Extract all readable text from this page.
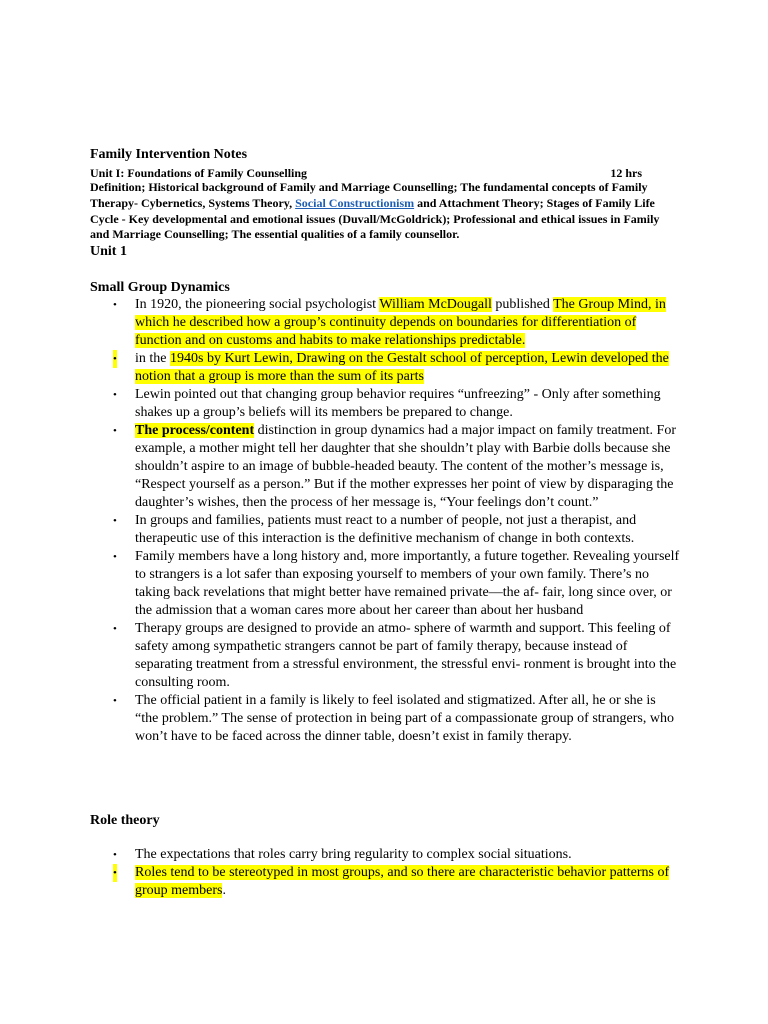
Family Intervention Notes
Unit I: Foundations of Family Counselling	12 hrs
Definition; Historical background of Family and Marriage Counselling; The fundamental concepts of Family Therapy- Cybernetics, Systems Theory, Social Constructionism and Attachment Theory; Stages of Family Life Cycle - Key developmental and emotional issues (Duvall/McGoldrick); Professional and ethical issues in Family and Marriage Counselling; The essential qualities of a family counsellor.
Unit 1
Small Group Dynamics
• In 1920, the pioneering social psychologist William McDougall published The Group Mind, in which he described how a group’s continuity depends on boundaries for differentiation of function and on customs and habits to make relationships predictable.
• in the 1940s by Kurt Lewin, Drawing on the Gestalt school of perception, Lewin developed the notion that a group is more than the sum of its parts
• Lewin pointed out that changing group behavior requires “unfreezing” - Only after something shakes up a group’s beliefs will its members be prepared to change.
• The process/content distinction in group dynamics had a major impact on family treatment. For example, a mother might tell her daughter that she shouldn’t play with Barbie dolls because she shouldn’t aspire to an image of bubble-headed beauty. The content of the mother’s message is, “Respect yourself as a person.” But if the mother expresses her point of view by disparaging the daughter’s wishes, then the process of her message is, “Your feelings don’t count.”
• In groups and families, patients must react to a number of people, not just a therapist, and therapeutic use of this interaction is the definitive mechanism of change in both contexts.
• Family members have a long history and, more importantly, a future together. Revealing yourself to strangers is a lot safer than exposing yourself to members of your own family. There’s no taking back revelations that might better have remained private—the af- fair, long since over, or the admission that a woman cares more about her career than about her husband
• Therapy groups are designed to provide an atmo- sphere of warmth and support. This feeling of safety among sympathetic strangers cannot be part of family therapy, because instead of separating treatment from a stressful environment, the stressful envi- ronment is brought into the consulting room.
• The official patient in a family is likely to feel isolated and stigmatized. After all, he or she is “the problem.” The sense of protection in being part of a compassionate group of strangers, who won’t have to be faced across the dinner table, doesn’t exist in family therapy.
Role theory
• The expectations that roles carry bring regularity to complex social situations.
• Roles tend to be stereotyped in most groups, and so there are characteristic behavior patterns of group members.
